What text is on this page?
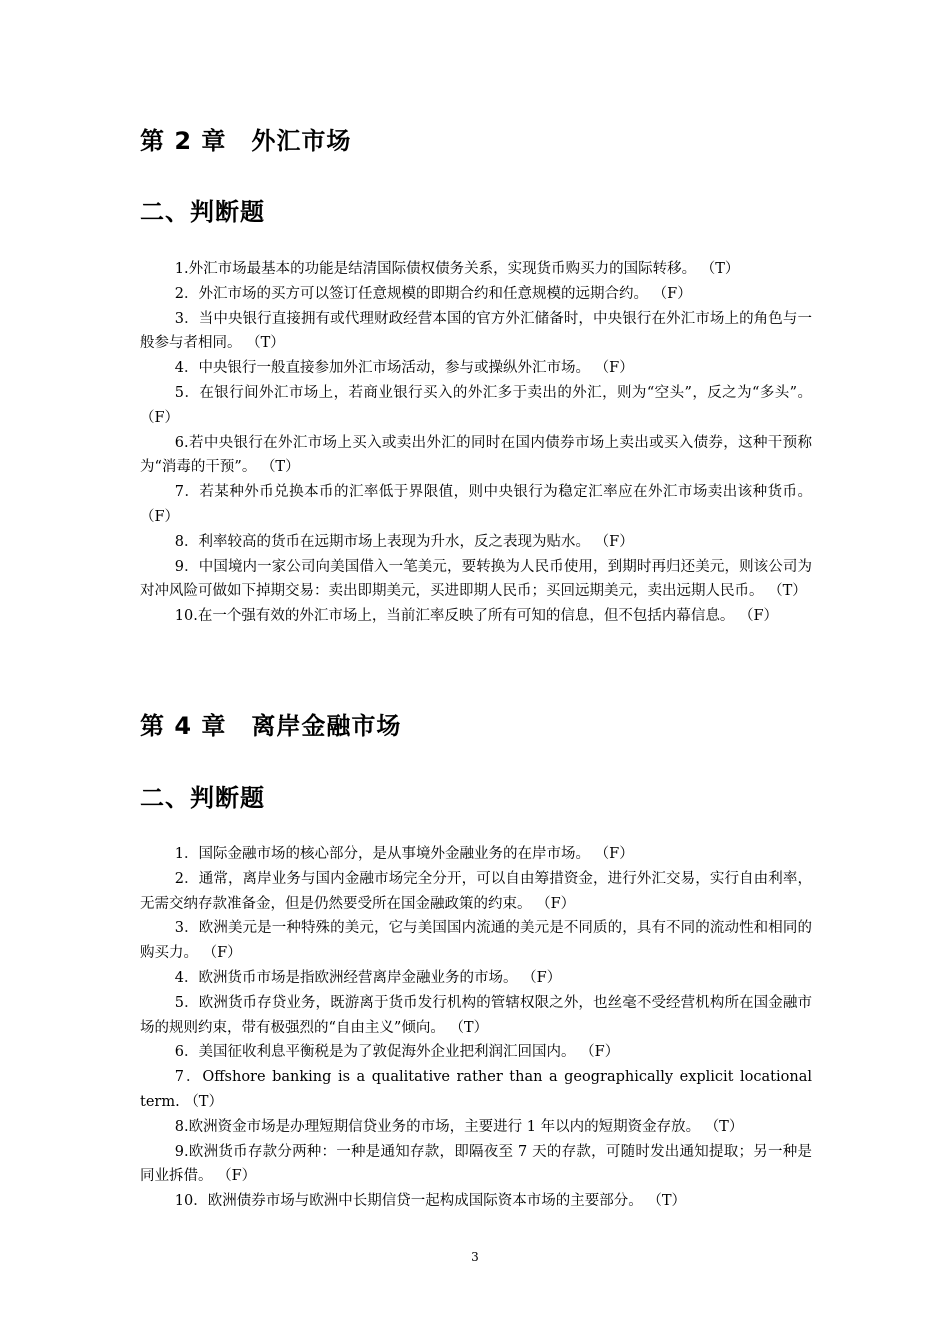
第 2 章　外汇市场
二、判断题

1.外汇市场最基本的功能是结清国际债权债务关系，实现货币购买力的国际转移。 （T）

2．外汇市场的买方可以签订任意规模的即期合约和任意规模的远期合约。 （F）

3．当中央银行直接拥有或代理财政经营本国的官方外汇储备时，中央银行在外汇市场上的角色与一般参与者相同。 （T）

4．中央银行一般直接参加外汇市场活动，参与或操纵外汇市场。 （F）

5．在银行间外汇市场上，若商业银行买入的外汇多于卖出的外汇，则为“空头”，反之为“多头”。 （F）

6.若中央银行在外汇市场上买入或卖出外汇的同时在国内债券市场上卖出或买入债券，这种干预称为“消毒的干预”。 （T）

7．若某种外币兑换本币的汇率低于界限值，则中央银行为稳定汇率应在外汇市场卖出该种货币。 （F）

8．利率较高的货币在远期市场上表现为升水，反之表现为贴水。 （F）

9．中国境内一家公司向美国借入一笔美元，要转换为人民币使用，到期时再归还美元，则该公司为对冲风险可做如下掉期交易：卖出即期美元，买进即期人民币；买回远期美元，卖出远期人民币。 （T）

10.在一个强有效的外汇市场上，当前汇率反映了所有可知的信息，但不包括内幕信息。 （F）

第 4 章　离岸金融市场
二、判断题

1．国际金融市场的核心部分，是从事境外金融业务的在岸市场。 （F）

2．通常，离岸业务与国内金融市场完全分开，可以自由筹措资金，进行外汇交易，实行自由利率，无需交纳存款准备金，但是仍然要受所在国金融政策的约束。 （F）

3．欧洲美元是一种特殊的美元，它与美国国内流通的美元是不同质的，具有不同的流动性和相同的购买力。 （F）

4．欧洲货币市场是指欧洲经营离岸金融业务的市场。 （F）

5．欧洲货币存贷业务，既游离于货币发行机构的管辖权限之外，也丝毫不受经营机构所在国金融市场的规则约束，带有极强烈的“自由主义”倾向。 （T）

6．美国征收利息平衡税是为了敦促海外企业把利润汇回国内。 （F）

7．Offshore banking is a qualitative rather than a geographically explicit locational term. （T）

8.欧洲资金市场是办理短期信贷业务的市场，主要进行 1 年以内的短期资金存放。 （T）

9.欧洲货币存款分两种：一种是通知存款，即隔夜至 7 天的存款，可随时发出通知提取；另一种是同业拆借。 （F）

10．欧洲债券市场与欧洲中长期信贷一起构成国际资本市场的主要部分。 （T）

3
